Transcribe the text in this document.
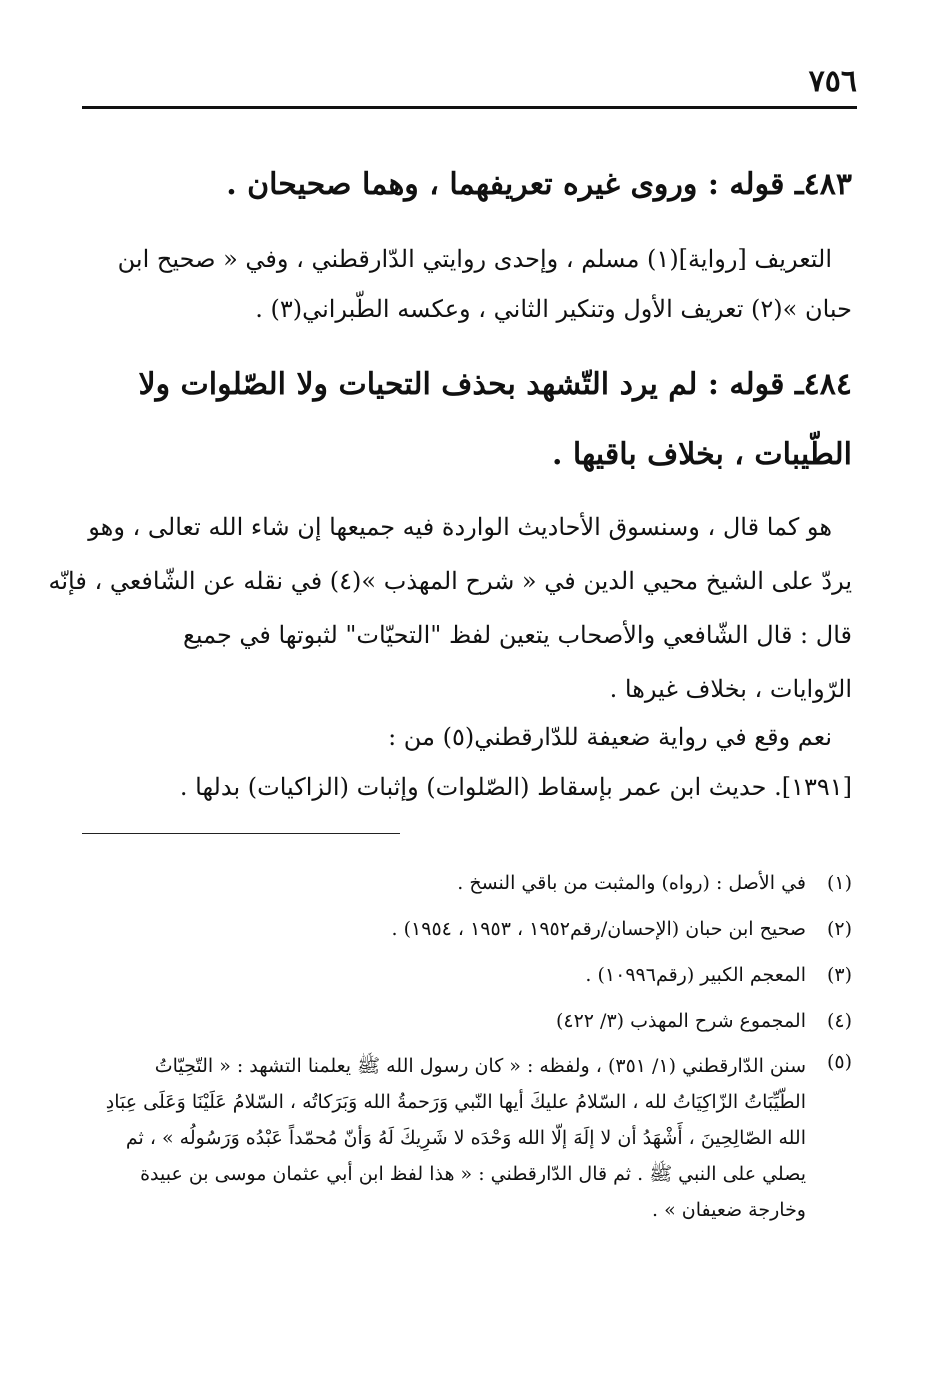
٧٥٦
٤٨٣ـ قوله : وروى غيره تعريفهما ، وهما صحيحان .
التعريف [رواية](١) مسلم ، وإحدى روايتي الدّارقطني ، وفي « صحيح ابن
حبان »(٢) تعريف الأول وتنكير الثاني ، وعكسه الطّبراني(٣) .
٤٨٤ـ قوله : لم يرد التّشهد بحذف التحيات ولا الصّلوات ولا
الطّيبات ، بخلاف باقيها .
هو كما قال ، وسنسوق الأحاديث الواردة فيه جميعها إن شاء الله تعالى ، وهو
يردّ على الشيخ محيي الدين في « شرح المهذب »(٤) في نقله عن الشّافعي ، فإنّه
قال : قال الشّافعي والأصحاب يتعين لفظ "التحيّات" لثبوتها في جميع
الرّوايات ، بخلاف غيرها .
نعم وقع في رواية ضعيفة للدّارقطني(٥) من :
[١٣٩١]. حديث ابن عمر بإسقاط (الصّلوات) وإثبات (الزاكيات) بدلها .
(١)
في الأصل : (رواه) والمثبت من باقي النسخ .
(٢)
صحيح ابن حبان (الإحسان/رقم١٩٥٢ ، ١٩٥٣ ، ١٩٥٤) .
(٣)
المعجم الكبير (رقم١٠٩٩٦) .
(٤)
المجموع شرح المهذب (٣/ ٤٢٢)
(٥)
سنن الدّارقطني (١/ ٣٥١) ، ولفظه : « كان رسول الله ﷺ يعلمنا التشهد : « التّحِيّاتُ
الطّيِّبَاتُ الزّاكِيَاتُ لله ، السّلامُ عليكَ أيها النّبي وَرَحمةُ الله وَبَرَكاتُه ، السّلامُ عَلَيْنَا وَعَلَى عِبَادِ
الله الصّالِحِينَ ، أَشْهَدُ أن لا إلَهَ إلّا الله وَحْدَه لا شَرِيكَ لَهُ وَأنّ مُحمّداً عَبْدُه وَرَسُولُه » ، ثم
يصلي على النبي ﷺ . ثم قال الدّارقطني : « هذا لفظ ابن أبي عثمان موسى بن عبيدة
وخارجة ضعيفان » .
